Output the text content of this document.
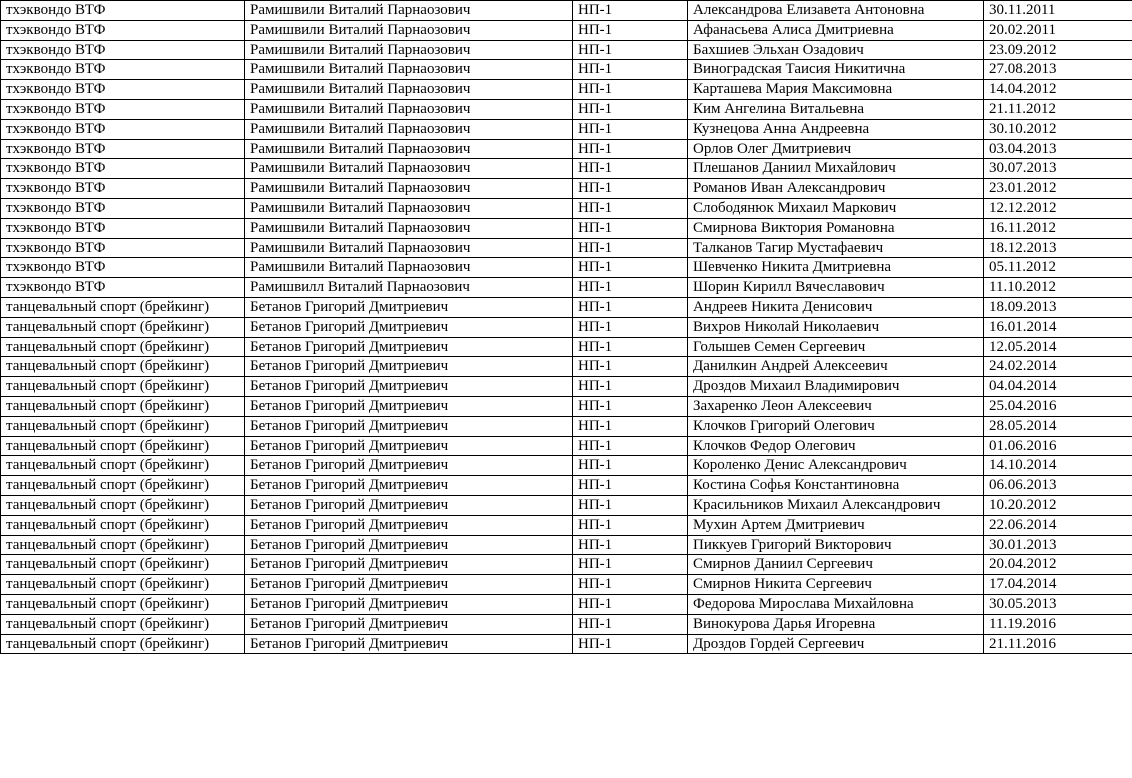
тхэквондо ВТФ	Рамишвили Виталий Парнаозович	НП-1	Александрова Елизавета Антоновна	30.11.2011
тхэквондо ВТФ	Рамишвили Виталий Парнаозович	НП-1	Афанасьева Алиса Дмитриевна	20.02.2011
тхэквондо ВТФ	Рамишвили Виталий Парнаозович	НП-1	Бахшиев Эльхан Озадович	23.09.2012
тхэквондо ВТФ	Рамишвили Виталий Парнаозович	НП-1	Виноградская Таисия Никитична	27.08.2013
тхэквондо ВТФ	Рамишвили Виталий Парнаозович	НП-1	Карташева Мария Максимовна	14.04.2012
тхэквондо ВТФ	Рамишвили Виталий Парнаозович	НП-1	Ким Ангелина Витальевна	21.11.2012
тхэквондо ВТФ	Рамишвили Виталий Парнаозович	НП-1	Кузнецова Анна Андреевна	30.10.2012
тхэквондо ВТФ	Рамишвили Виталий Парнаозович	НП-1	Орлов Олег Дмитриевич	03.04.2013
тхэквондо ВТФ	Рамишвили Виталий Парнаозович	НП-1	Плешанов Даниил Михайлович	30.07.2013
тхэквондо ВТФ	Рамишвили Виталий Парнаозович	НП-1	Романов Иван Александрович	23.01.2012
тхэквондо ВТФ	Рамишвили Виталий Парнаозович	НП-1	Слободянюк Михаил Маркович	12.12.2012
тхэквондо ВТФ	Рамишвили Виталий Парнаозович	НП-1	Смирнова Виктория Романовна	16.11.2012
тхэквондо ВТФ	Рамишвили Виталий Парнаозович	НП-1	Талканов Тагир Мустафаевич	18.12.2013
тхэквондо ВТФ	Рамишвили Виталий Парнаозович	НП-1	Шевченко Никита Дмитриевна	05.11.2012
тхэквондо ВТФ	Рамишвилл Виталий Парнаозович	НП-1	Шорин Кирилл Вячеславович	11.10.2012
танцевальный спорт (брейкинг)	Бетанов Григорий Дмитриевич	НП-1	Андреев Никита Денисович	18.09.2013
танцевальный спорт (брейкинг)	Бетанов Григорий Дмитриевич	НП-1	Вихров Николай Николаевич	16.01.2014
танцевальный спорт (брейкинг)	Бетанов Григорий Дмитриевич	НП-1	Голышев Семен Сергеевич	12.05.2014
танцевальный спорт (брейкинг)	Бетанов Григорий Дмитриевич	НП-1	Данилкин Андрей Алексеевич	24.02.2014
танцевальный спорт (брейкинг)	Бетанов Григорий Дмитриевич	НП-1	Дроздов Михаил Владимирович	04.04.2014
танцевальный спорт (брейкинг)	Бетанов Григорий Дмитриевич	НП-1	Захаренко Леон Алексеевич	25.04.2016
танцевальный спорт (брейкинг)	Бетанов Григорий Дмитриевич	НП-1	Клочков Григорий Олегович	28.05.2014
танцевальный спорт (брейкинг)	Бетанов Григорий Дмитриевич	НП-1	Клочков Федор Олегович	01.06.2016
танцевальный спорт (брейкинг)	Бетанов Григорий Дмитриевич	НП-1	Короленко Денис Александрович	14.10.2014
танцевальный спорт (брейкинг)	Бетанов Григорий Дмитриевич	НП-1	Костина Софья Константиновна	06.06.2013
танцевальный спорт (брейкинг)	Бетанов Григорий Дмитриевич	НП-1	Красильников Михаил Александрович	10.20.2012
танцевальный спорт (брейкинг)	Бетанов Григорий Дмитриевич	НП-1	Мухин Артем Дмитриевич	22.06.2014
танцевальный спорт (брейкинг)	Бетанов Григорий Дмитриевич	НП-1	Пиккуев Григорий Викторович	30.01.2013
танцевальный спорт (брейкинг)	Бетанов Григорий Дмитриевич	НП-1	Смирнов Даниил Сергеевич	20.04.2012
танцевальный спорт (брейкинг)	Бетанов Григорий Дмитриевич	НП-1	Смирнов Никита Сергеевич	17.04.2014
танцевальный спорт (брейкинг)	Бетанов Григорий Дмитриевич	НП-1	Федорова Мирослава Михайловна	30.05.2013
танцевальный спорт (брейкинг)	Бетанов Григорий Дмитриевич	НП-1	Винокурова Дарья Игоревна	11.19.2016
танцевальный спорт (брейкинг)	Бетанов Григорий Дмитриевич	НП-1	Дроздов Гордей Сергеевич	21.11.2016
